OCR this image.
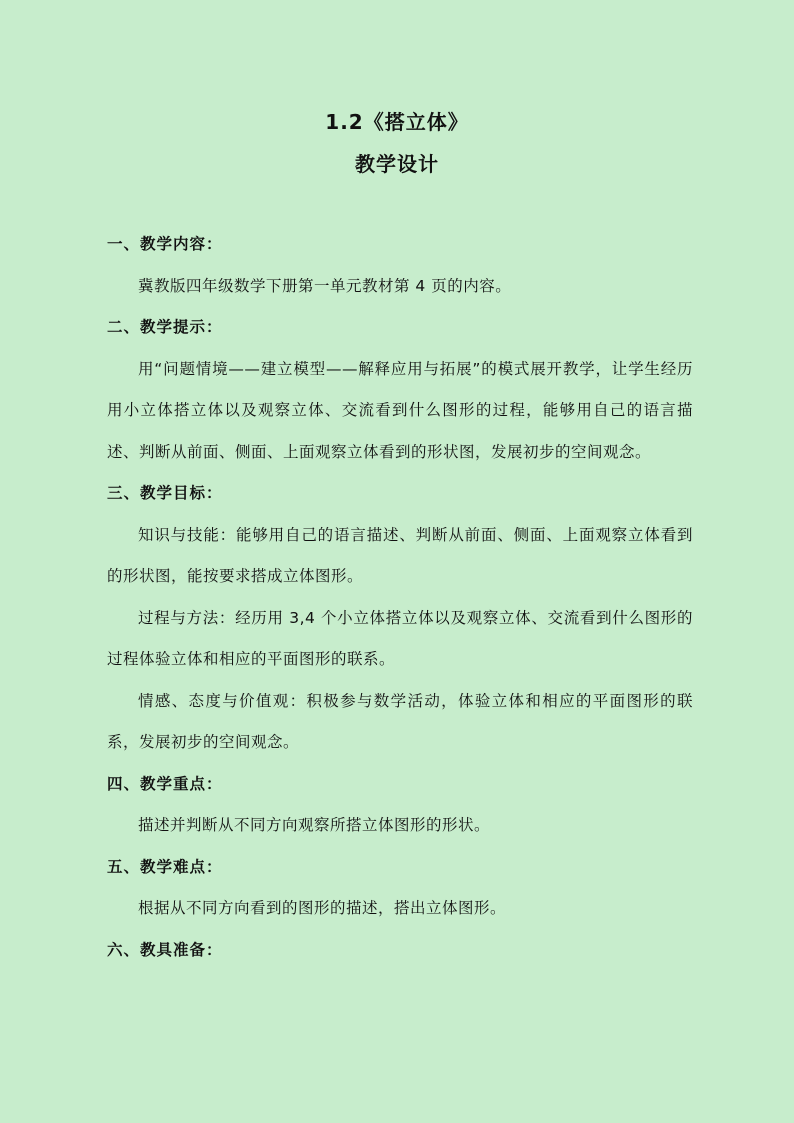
1.2《搭立体》
教学设计

一、教学内容：

冀教版四年级数学下册第一单元教材第 4 页的内容。

二、教学提示：

用“问题情境——建立模型——解释应用与拓展”的模式展开教学，让学生经历用小立体搭立体以及观察立体、交流看到什么图形的过程，能够用自己的语言描述、判断从前面、侧面、上面观察立体看到的形状图，发展初步的空间观念。

三、教学目标：

知识与技能：能够用自己的语言描述、判断从前面、侧面、上面观察立体看到的形状图，能按要求搭成立体图形。

过程与方法：经历用 3,4 个小立体搭立体以及观察立体、交流看到什么图形的过程体验立体和相应的平面图形的联系。

情感、态度与价值观：积极参与数学活动，体验立体和相应的平面图形的联系，发展初步的空间观念。

四、教学重点：

描述并判断从不同方向观察所搭立体图形的形状。

五、教学难点：

根据从不同方向看到的图形的描述，搭出立体图形。

六、教具准备：
